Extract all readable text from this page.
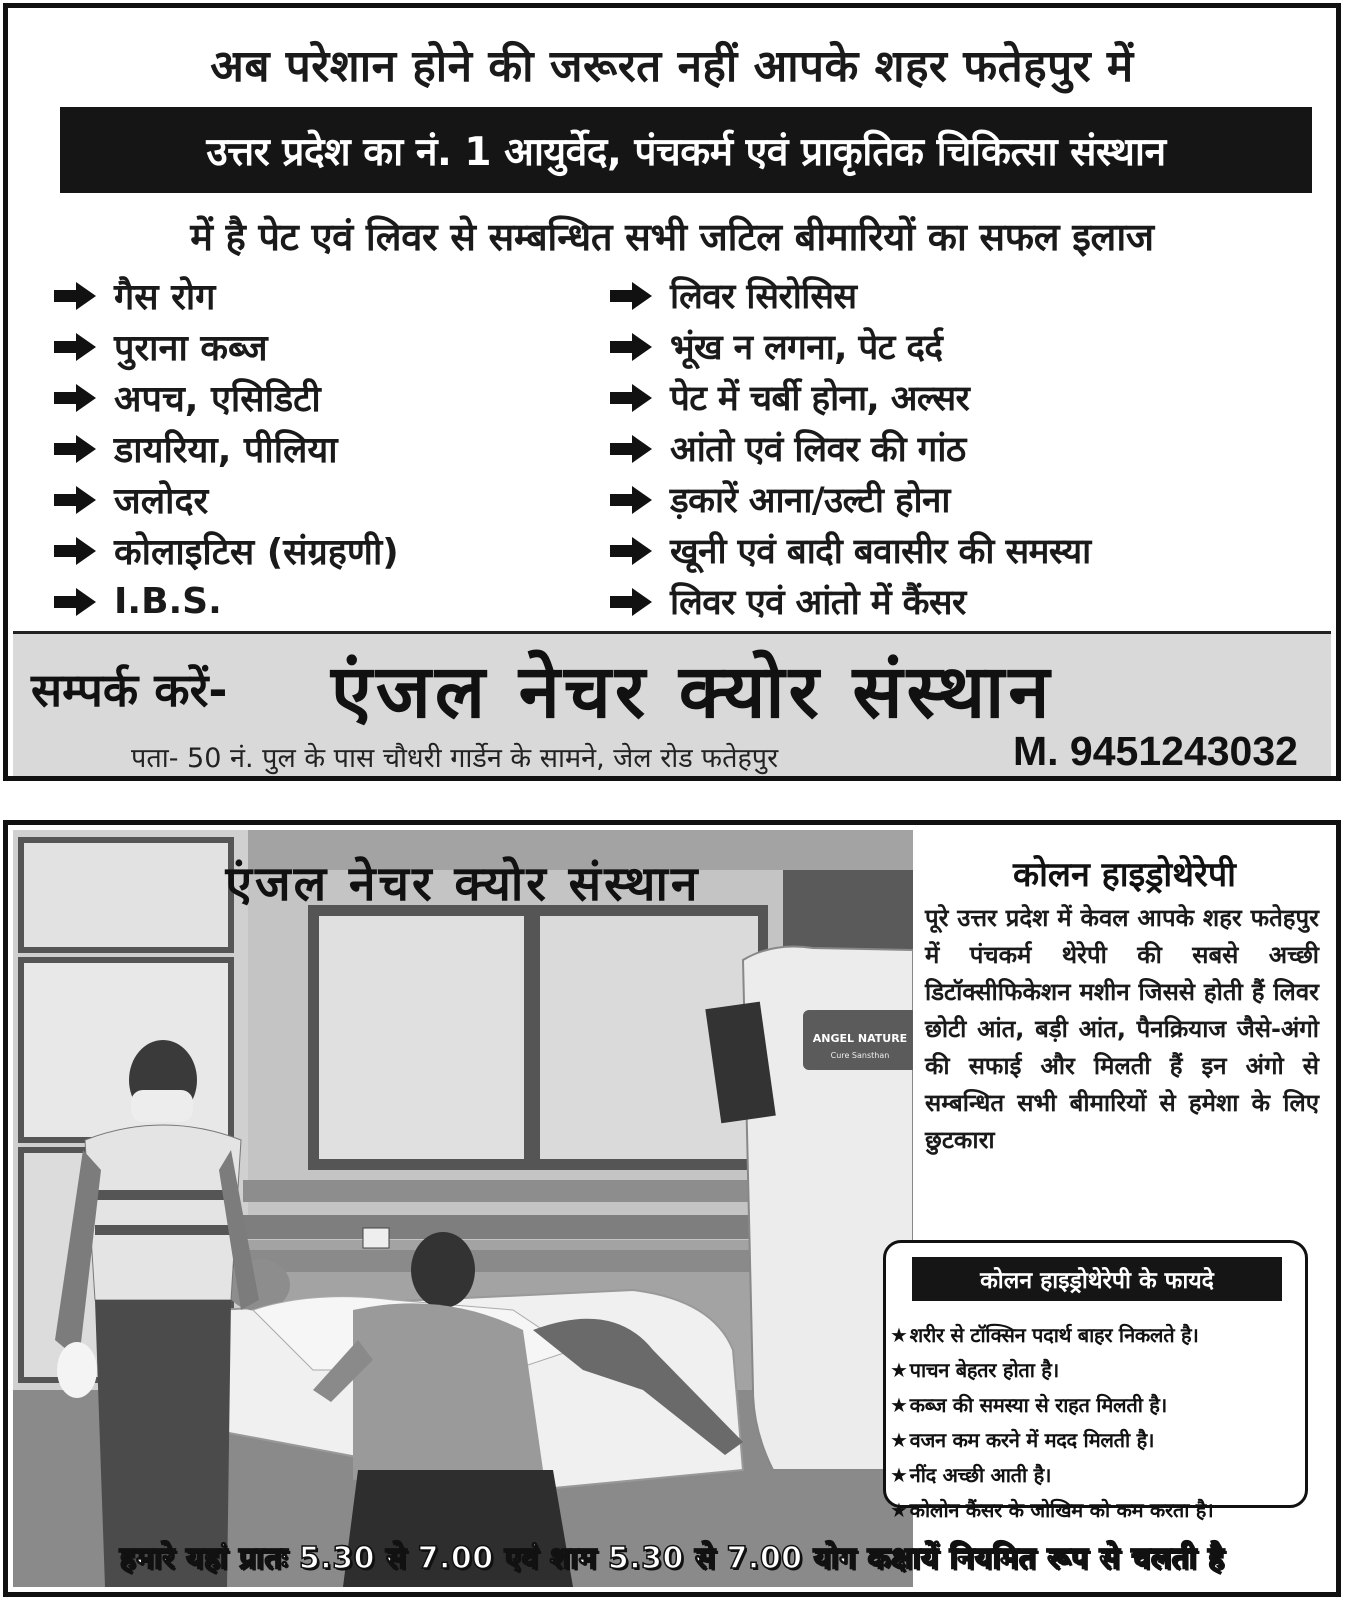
अब परेशान होने की जरूरत नहीं आपके शहर फतेहपुर में
उत्तर प्रदेश का नं. 1 आयुर्वेद, पंचकर्म एवं प्राकृतिक चिकित्सा संस्थान
में है पेट एवं लिवर से सम्बन्धित सभी जटिल बीमारियों का सफल इलाज
गैस रोग
पुराना कब्ज
अपच, एसिडिटी
डायरिया, पीलिया
जलोदर
कोलाइटिस (संग्रहणी)
I.B.S.
लिवर सिरोसिस
भूंख न लगना, पेट दर्द
पेट में चर्बी होना, अल्सर
आंतो एवं लिवर की गांठ
ड़कारें आना/उल्टी होना
खूनी एवं बादी बवासीर की समस्या
लिवर एवं आंतो में कैंसर
सम्पर्क करें- एंजल नेचर क्योर संस्थान
पता- 50 नं. पुल के पास चौधरी गार्डेन के सामने, जेल रोड फतेहपुर	M. 9451243032
ANGEL NATURE
Cure Sansthan
एंजल नेचर क्योर संस्थान	कोलन हाइड्रोथेरेपी

पूरे उत्तर प्रदेश में केवल आपके शहर फतेहपुर में पंचकर्म थेरेपी की सबसे अच्छी डिटॉक्सीफिकेशन मशीन जिससे होती हैं लिवर छोटी आंत, बड़ी आंत, पैनक्रियाज जैसे-अंगो की सफाई और मिलती हैं इन अंगो से सम्बन्धित सभी बीमारियों से हमेशा के लिए छुटकारा

कोलन हाइड्रोथेरेपी के फायदे
★ शरीर से टॉक्सिन पदार्थ बाहर निकलते है।
★ पाचन बेहतर होता है।
★ कब्ज की समस्या से राहत मिलती है।
★ वजन कम करने में मदद मिलती है।
★ नींद अच्छी आती है।
★ कोलोन कैंसर के जोखिम को कम करता है।
हमारे यहां प्रातः 5.30 से 7.00 एवं शाम 5.30 से 7.00 योग कक्षायें नियमित रूप से चलती है
